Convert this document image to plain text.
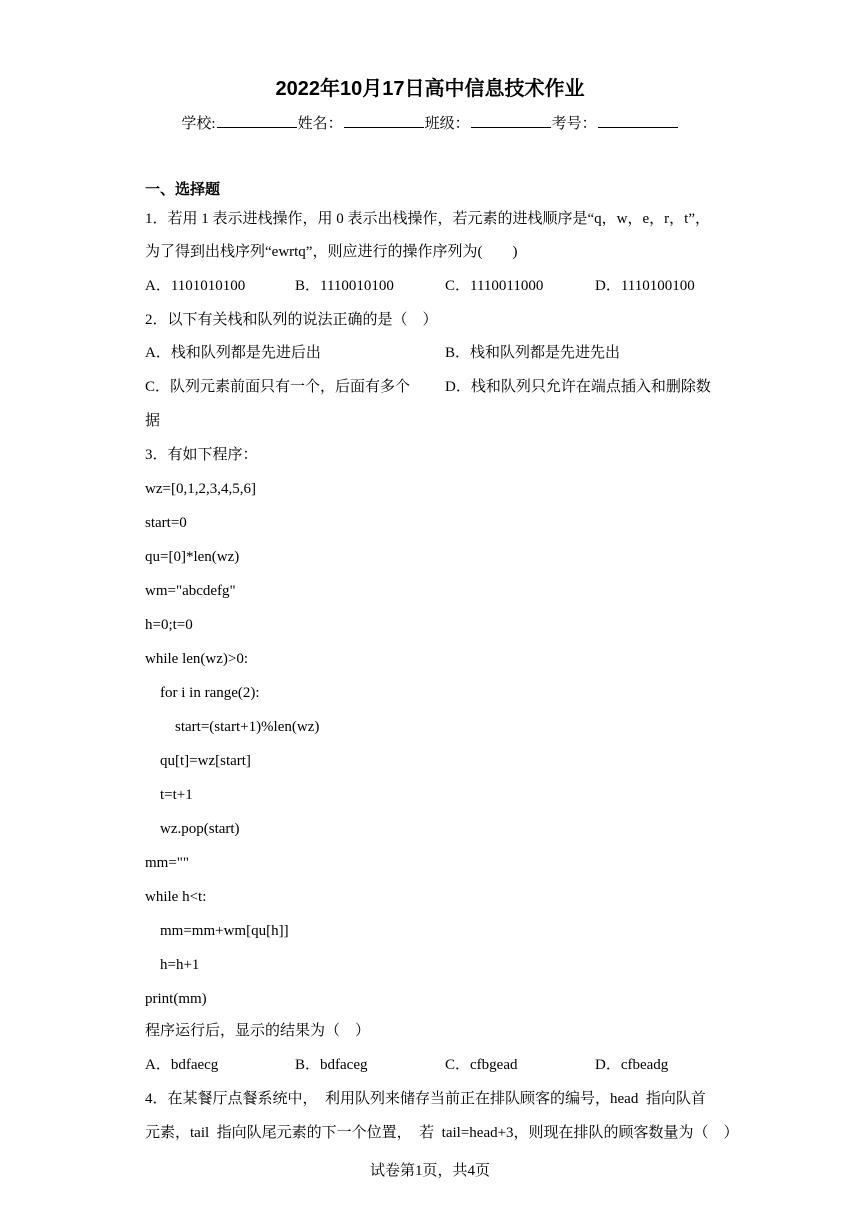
2022年10月17日高中信息技术作业
学校:	姓名：	班级：	考号：
一、选择题
1．若用 1 表示进栈操作，用 0 表示出栈操作，若元素的进栈顺序是“q，w，e，r，t”，
为了得到出栈序列“ewrtq”，则应进行的操作序列为(        )
A．1101010100	B．1110010100	C．1110011000	D．1110100100
2．以下有关栈和队列的说法正确的是（    ）
A．栈和队列都是先进后出	B．栈和队列都是先进先出
C．队列元素前面只有一个，后面有多个 D．栈和队列只允许在端点插入和删除数
据
3．有如下程序：
wz=[0,1,2,3,4,5,6]
start=0
qu=[0]*len(wz)
wm="abcdefg"
h=0;t=0
while len(wz)>0:
for i in range(2):
start=(start+1)%len(wz)
qu[t]=wz[start]
t=t+1
wz.pop(start)
mm=""
while h<t:
mm=mm+wm[qu[h]]
h=h+1
print(mm)
程序运行后，显示的结果为（    ）
A．bdfaecg	B．bdfaceg	C．cfbgead	D．cfbeadg
4．在某餐厅点餐系统中，  利用队列来储存当前正在排队顾客的编号，head  指向队首
元素，tail  指向队尾元素的下一个位置，  若  tail=head+3，则现在排队的顾客数量为（    ）
试卷第1页，共4页
